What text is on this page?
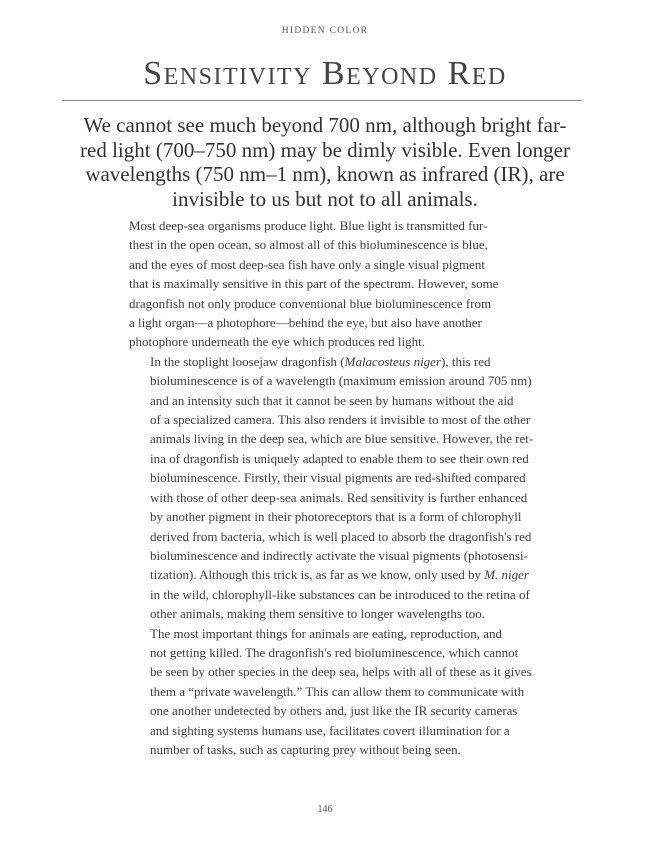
HIDDEN COLOR
Sensitivity Beyond Red

We cannot see much beyond 700 nm, although bright far-red light (700–750 nm) may be dimly visible. Even longer wavelengths (750 nm–1 nm), known as infrared (IR), are invisible to us but not to all animals.

Most deep-sea organisms produce light. Blue light is transmitted fur-
thest in the open ocean, so almost all of this bioluminescence is blue,
and the eyes of most deep-sea fish have only a single visual pigment
that is maximally sensitive in this part of the spectrum. However, some
dragonfish not only produce conventional blue bioluminescence from
a light organ—a photophore—behind the eye, but also have another
photophore underneath the eye which produces red light.

In the stoplight loosejaw dragonfish (Malacosteus niger), this red
bioluminescence is of a wavelength (maximum emission around 705 nm)
and an intensity such that it cannot be seen by humans without the aid
of a specialized camera. This also renders it invisible to most of the other
animals living in the deep sea, which are blue sensitive. However, the ret-
ina of dragonfish is uniquely adapted to enable them to see their own red
bioluminescence. Firstly, their visual pigments are red-shifted compared
with those of other deep-sea animals. Red sensitivity is further enhanced
by another pigment in their photoreceptors that is a form of chlorophyll
derived from bacteria, which is well placed to absorb the dragonfish's red
bioluminescence and indirectly activate the visual pigments (photosensi-
tization). Although this trick is, as far as we know, only used by M. niger
in the wild, chlorophyll-like substances can be introduced to the retina of
other animals, making them sensitive to longer wavelengths too.

The most important things for animals are eating, reproduction, and
not getting killed. The dragonfish's red bioluminescence, which cannot
be seen by other species in the deep sea, helps with all of these as it gives
them a “private wavelength.” This can allow them to communicate with
one another undetected by others and, just like the IR security cameras
and sighting systems humans use, facilitates covert illumination for a
number of tasks, such as capturing prey without being seen.

146
